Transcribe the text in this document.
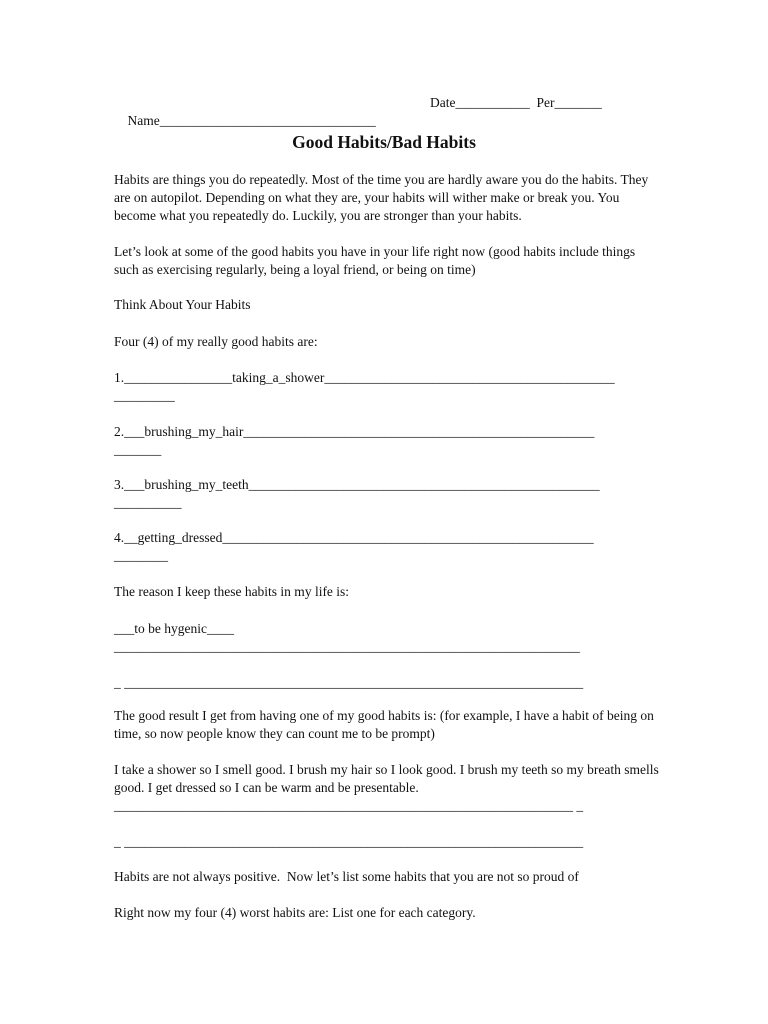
Name________________________________

Date___________  Per_______

Good Habits/Bad Habits

Habits are things you do repeatedly. Most of the time you are hardly aware you do the habits. They are on autopilot. Depending on what they are, your habits will wither make or break you. You become what you repeatedly do. Luckily, you are stronger than your habits.

Let’s look at some of the good habits you have in your life right now (good habits include things such as exercising regularly, being a loyal friend, or being on time)

Think About Your Habits

Four (4) of my really good habits are:

1.________________taking_a_shower___________________________________________

_________

2.___brushing_my_hair____________________________________________________

_______

3.___brushing_my_teeth____________________________________________________

__________

4.__getting_dressed_______________________________________________________

________

The reason I keep these habits in my life is:

___to be hygenic____

_____________________________________________________________________

_ ____________________________________________________________________

The good result I get from having one of my good habits is: (for example, I have a habit of being on time, so now people know they can count me to be prompt)

I take a shower so I smell good. I brush my hair so I look good. I brush my teeth so my breath smells good. I get dressed so I can be warm and be presentable.

____________________________________________________________________ _

_ ____________________________________________________________________

Habits are not always positive.  Now let’s list some habits that you are not so proud of

Right now my four (4) worst habits are: List one for each category.
